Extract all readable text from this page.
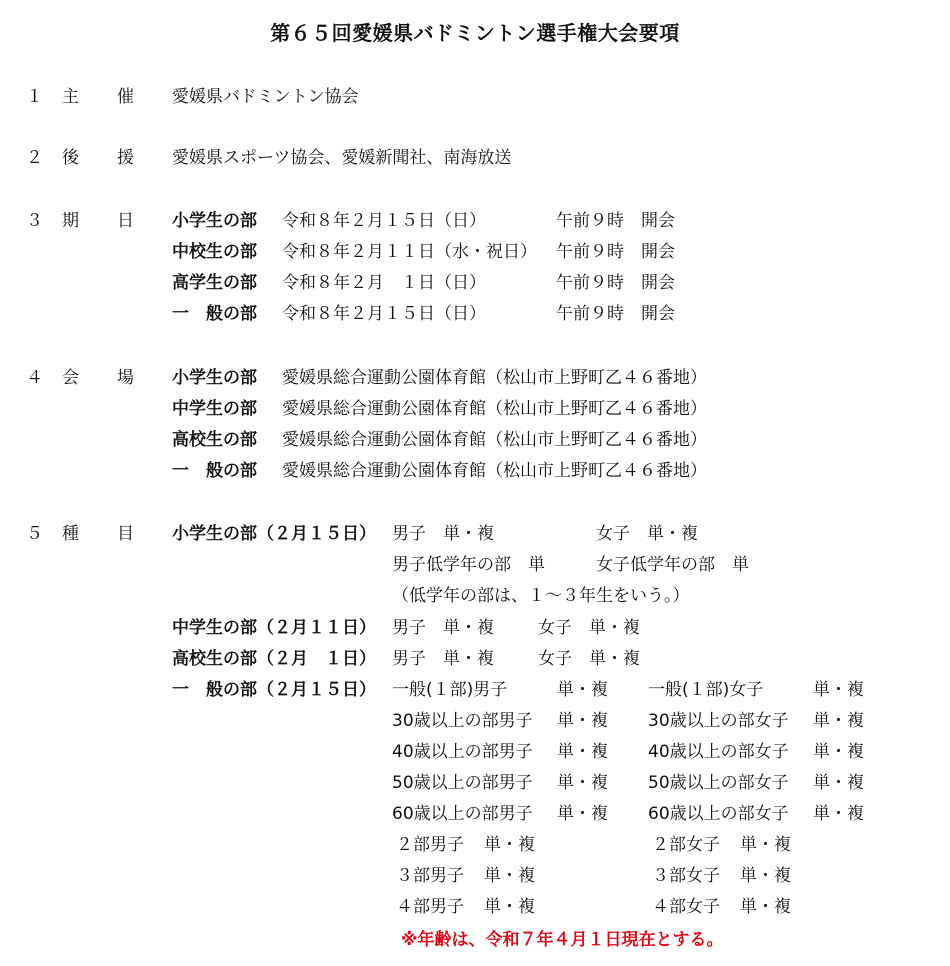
第６５回愛媛県バドミントン選手権大会要項
１ 主 催 愛媛県バドミントン協会
２ 後 援 愛媛県スポーツ協会、愛媛新聞社、南海放送
３ 期 日 小学生の部 令和８年２月１５日（日）	午前９時　開会
中校生の部 令和８年２月１１日（水・祝日） 午前９時　開会
高学生の部 令和８年２月　１日（日）	午前９時　開会
一　般の部 令和８年２月１５日（日）	午前９時　開会
４ 会 場 小学生の部 愛媛県総合運動公園体育館（松山市上野町乙４６番地）
中学生の部 愛媛県総合運動公園体育館（松山市上野町乙４６番地）
高校生の部 愛媛県総合運動公園体育館（松山市上野町乙４６番地）
一　般の部 愛媛県総合運動公園体育館（松山市上野町乙４６番地）
５ 種 目 小学生の部（２月１５日） 男子　単・複	女子　単・複
男子低学年の部　単	女子低学年の部　単
（低学年の部は、１～３年生をいう。）
中学生の部（２月１１日） 男子　単・複	女子　単・複
高校生の部（２月　１日） 男子　単・複	女子　単・複
一　般の部（２月１５日） 一般(１部)男子	単・複 一般(１部)女子	単・複
30歳以上の部男子 単・複 30歳以上の部女子 単・複
40歳以上の部男子 単・複 40歳以上の部女子 単・複
50歳以上の部男子 単・複 50歳以上の部女子 単・複
60歳以上の部男子 単・複 60歳以上の部女子 単・複
２部男子 単・複	２部女子 単・複
３部男子 単・複	３部女子 単・複
４部男子 単・複	４部女子 単・複
※年齢は、令和７年４月１日現在とする。
